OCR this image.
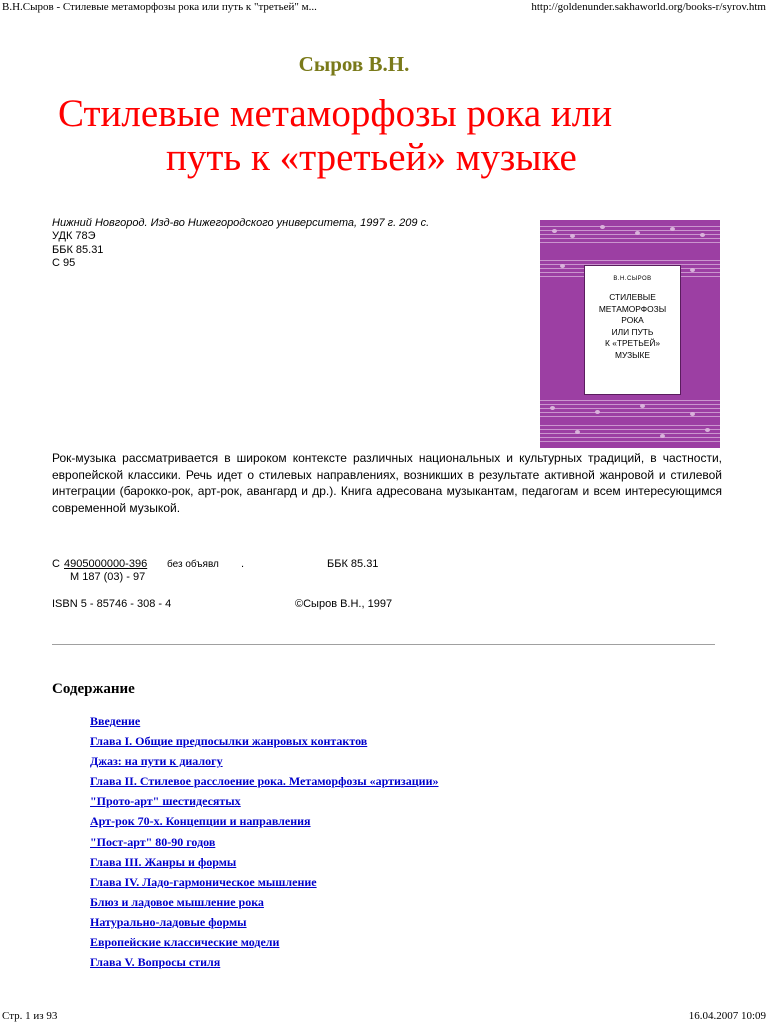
В.Н.Сыров - Стилевые метаморфозы рока или путь к "третьей" м...	http://goldenunder.sakhaworld.org/books-r/syrov.htm
Сыров В.Н.
Стилевые метаморфозы рока или
путь к «третьей» музыке
Нижний Новгород. Изд-во Нижегородского университета, 1997 г. 209 с.
УДК 78Э
ББК 85.31
С 95
В.Н.СЫРОВ
СТИЛЕВЫЕ
МЕТАМОРФОЗЫ
РОКА
ИЛИ ПУТЬ
К «ТРЕТЬЕЙ»
МУЗЫКЕ
Рок-музыка рассматривается в широком контексте различных национальных и культурных традиций, в частности, европейской классики. Речь идет о стилевых направлениях, возникших в результате активной жанровой и стилевой интеграции (барокко-рок, арт-рок, авангард и др.). Книга адресована музыкантам, педагогам и всем интересующимся современной музыкой.
С 4905000000-396 без объявл .	ББК 85.31
М 187 (03) - 97
ISBN 5 - 85746 - 308 - 4	©Сыров В.Н., 1997
Содержание
Введение
Глава I. Общие предпосылки жанровых контактов
Джаз: на пути к диалогу
Глава II. Стилевое расслоение рока. Метаморфозы «артизации»
"Прото-арт" шестидесятых
Арт-рок 70-х. Концепции и направления
"Пост-арт" 80-90 годов
Глава III. Жанры и формы
Глава IV. Ладо-гармоническое мышление
Блюз и ладовое мышление рока
Натурально-ладовые формы
Европейские классические модели
Глава V. Вопросы стиля
Стр. 1 из 93	16.04.2007 10:09
